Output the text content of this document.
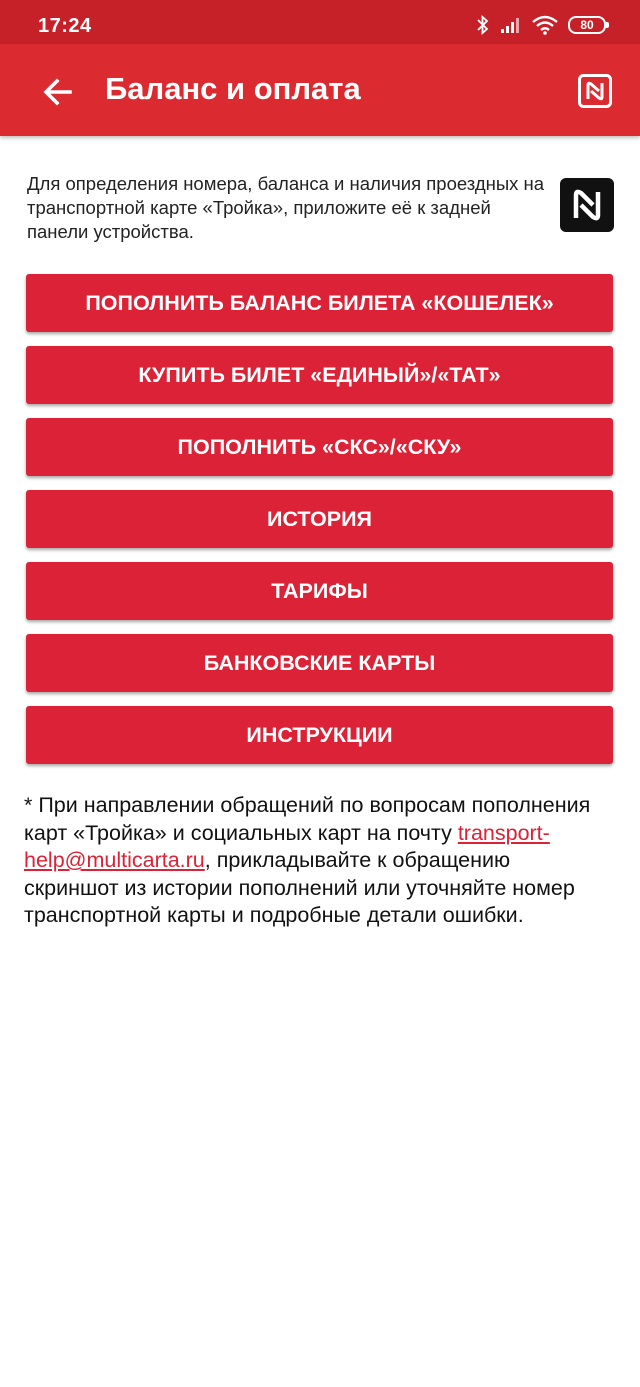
17:24	80
Баланс и оплата
Для определения номера, баланса и наличия проездных на транспортной карте «Тройка», приложите её к задней панели устройства.
ПОПОЛНИТЬ БАЛАНС БИЛЕТА «КОШЕЛЕК»
КУПИТЬ БИЛЕТ «ЕДИНЫЙ»/«ТАТ»
ПОПОЛНИТЬ «СКС»/«СКУ»
ИСТОРИЯ
ТАРИФЫ
БАНКОВСКИЕ КАРТЫ
ИНСТРУКЦИИ
* При направлении обращений по вопросам пополнения карт «Тройка» и социальных карт на почту transport-help@multicarta.ru, прикладывайте к обращению скриншот из истории пополнений или уточняйте номер транспортной карты и подробные детали ошибки.
